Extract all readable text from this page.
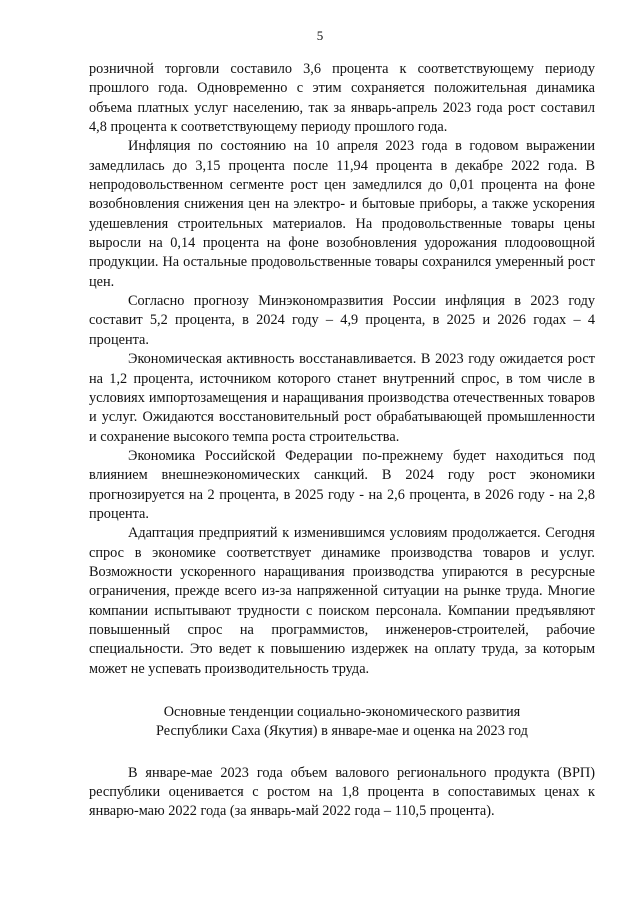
5

розничной торговли составило 3,6 процента к соответствующему периоду прошлого года. Одновременно с этим сохраняется положительная динамика объема платных услуг населению, так за январь-апрель 2023 года рост составил 4,8 процента к соответствующему периоду прошлого года.

Инфляция по состоянию на 10 апреля 2023 года в годовом выражении замедлилась до 3,15 процента после 11,94 процента в декабре 2022 года. В непродовольственном сегменте рост цен замедлился до 0,01 процента на фоне возобновления снижения цен на электро- и бытовые приборы, а также ускорения удешевления строительных материалов. На продовольственные товары цены выросли на 0,14 процента на фоне возобновления удорожания плодоовощной продукции. На остальные продовольственные товары сохранился умеренный рост цен.

Согласно прогнозу Минэкономразвития России инфляция в 2023 году составит 5,2 процента, в 2024 году – 4,9 процента, в 2025 и 2026 годах – 4 процента.

Экономическая активность восстанавливается. В 2023 году ожидается рост на 1,2 процента, источником которого станет внутренний спрос, в том числе в условиях импортозамещения и наращивания производства отечественных товаров и услуг. Ожидаются восстановительный рост обрабатывающей промышленности и сохранение высокого темпа роста строительства.

Экономика Российской Федерации по-прежнему будет находиться под влиянием внешнеэкономических санкций. В 2024 году рост экономики прогнозируется на 2 процента, в 2025 году - на 2,6 процента, в 2026 году - на 2,8 процента.

Адаптация предприятий к изменившимся условиям продолжается. Сегодня спрос в экономике соответствует динамике производства товаров и услуг. Возможности ускоренного наращивания производства упираются в ресурсные ограничения, прежде всего из-за напряженной ситуации на рынке труда. Многие компании испытывают трудности с поиском персонала. Компании предъявляют повышенный спрос на программистов, инженеров-строителей, рабочие специальности. Это ведет к повышению издержек на оплату труда, за которым может не успевать производительность труда.

Основные тенденции социально-экономического развития
Республики Саха (Якутия) в январе-мае и оценка на 2023 год

В январе-мае 2023 года объем валового регионального продукта (ВРП) республики оценивается с ростом на 1,8 процента в сопоставимых ценах к январю-маю 2022 года (за январь-май 2022 года – 110,5 процента).
